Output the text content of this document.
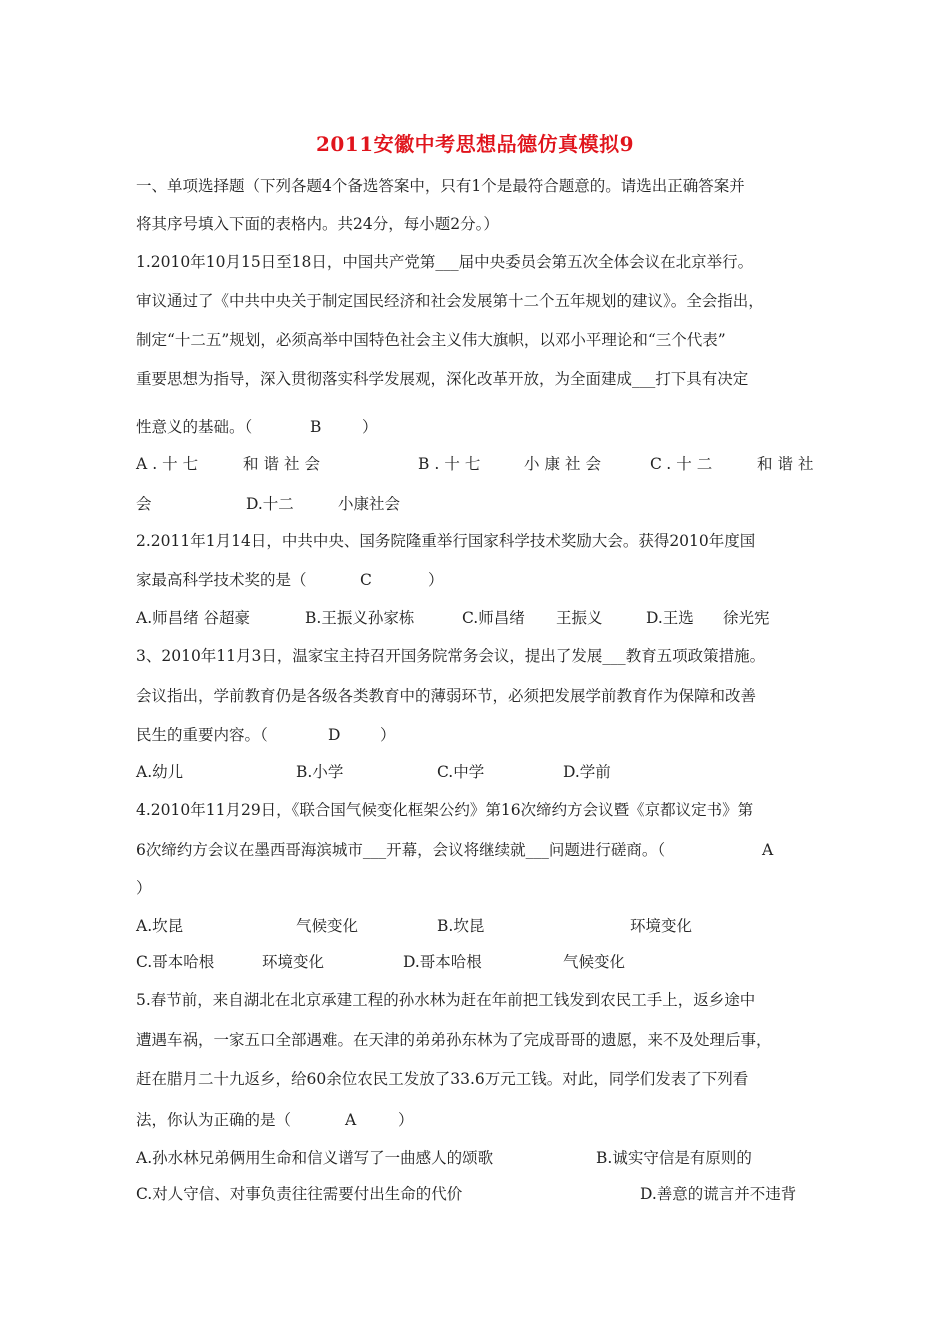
2011安徽中考思想品德仿真模拟9
一、单项选择题（下列各题4个备选答案中，只有1个是最符合题意的。请选出正确答案并
将其序号填入下面的表格内。共24分，每小题2分。）
1.2010年10月15日至18日，中国共产党第___届中央委员会第五次全体会议在北京举行。
审议通过了《中共中央关于制定国民经济和社会发展第十二个五年规划的建议》。全会指出，
制定“十二五”规划，必须高举中国特色社会主义伟大旗帜，以邓小平理论和“三个代表”
重要思想为指导，深入贯彻落实科学发展观，深化改革开放，为全面建成___打下具有决定
性意义的基础。（	B	）
A.十七	和谐社会	B.十七 小康社会	C.十二	和谐社
会	D.十二	小康社会
2.2011年1月14日，中共中央、国务院隆重举行国家科学技术奖励大会。获得2010年度国
家最高科学技术奖的是（	C	）
A.师昌绪 谷超豪	B.王振义孙家栋	C.师昌绪 王振义	D.王选 徐光宪
3、2010年11月3日，温家宝主持召开国务院常务会议，提出了发展___教育五项政策措施。
会议指出，学前教育仍是各级各类教育中的薄弱环节，必须把发展学前教育作为保障和改善
民生的重要内容。（	D	）
A.幼儿	B.小学	C.中学	D.学前
4.2010年11月29日，《联合国气候变化框架公约》第16次缔约方会议暨《京都议定书》第
6次缔约方会议在墨西哥海滨城市___开幕，会议将继续就___问题进行磋商。（	A
）
A.坎昆	气候变化	B.坎昆	环境变化
C.哥本哈根	环境变化	D.哥本哈根	气候变化
5.春节前，来自湖北在北京承建工程的孙水林为赶在年前把工钱发到农民工手上，返乡途中
遭遇车祸，一家五口全部遇难。在天津的弟弟孙东林为了完成哥哥的遗愿，来不及处理后事，
赶在腊月二十九返乡，给60余位农民工发放了33.6万元工钱。对此，同学们发表了下列看
法，你认为正确的是（	A	）
A.孙水林兄弟俩用生命和信义谱写了一曲感人的颂歌	B.诚实守信是有原则的
C.对人守信、对事负责往往需要付出生命的代价	D.善意的谎言并不违背
